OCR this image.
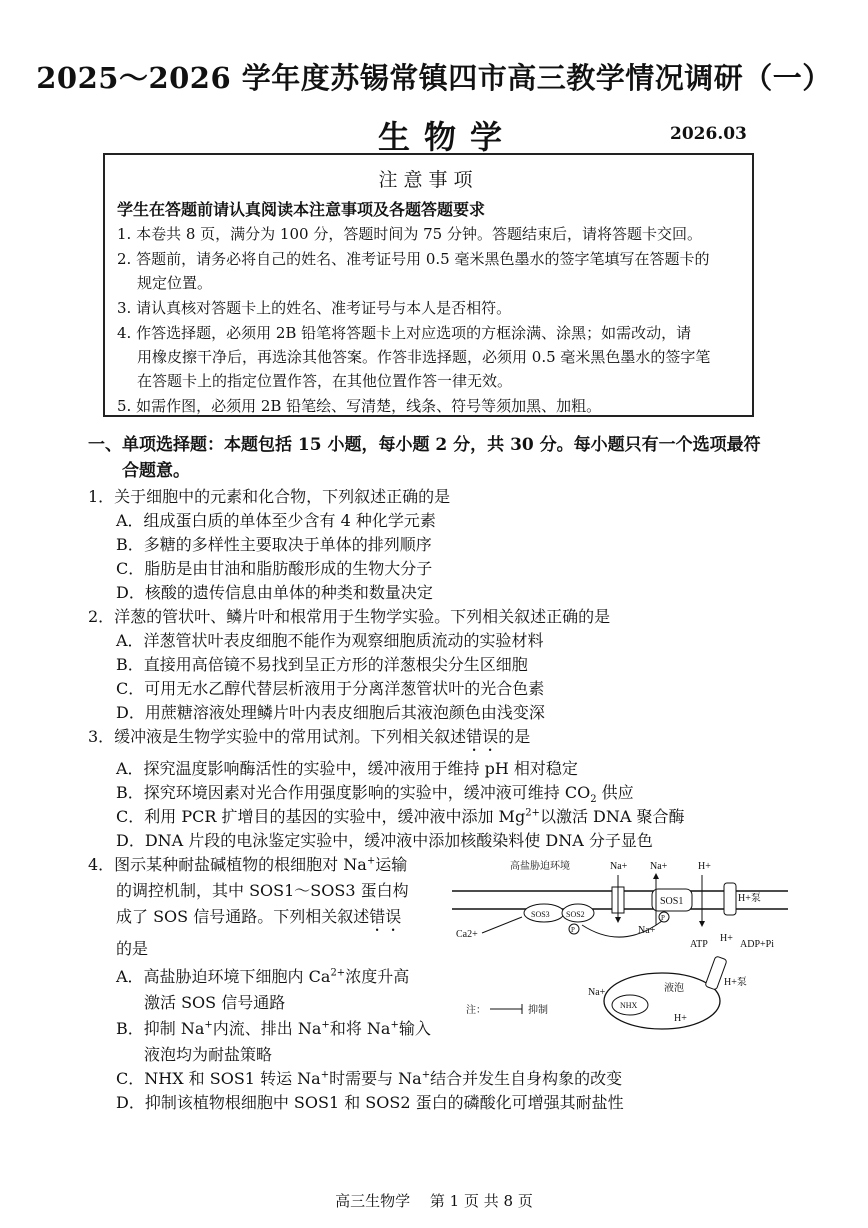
2025～2026 学年度苏锡常镇四市高三教学情况调研（一）
生物学	2026.03
注意事项
学生在答题前请认真阅读本注意事项及各题答题要求
1. 本卷共 8 页，满分为 100 分，答题时间为 75 分钟。答题结束后，请将答题卡交回。
2. 答题前，请务必将自己的姓名、准考证号用 0.5 毫米黑色墨水的签字笔填写在答题卡的
规定位置。
3. 请认真核对答题卡上的姓名、准考证号与本人是否相符。
4. 作答选择题，必须用 2B 铅笔将答题卡上对应选项的方框涂满、涂黑；如需改动，请
用橡皮擦干净后，再选涂其他答案。作答非选择题，必须用 0.5 毫米黑色墨水的签字笔
在答题卡上的指定位置作答，在其他位置作答一律无效。
5. 如需作图，必须用 2B 铅笔绘、写清楚，线条、符号等须加黑、加粗。
一、单项选择题：本题包括 15 小题，每小题 2 分，共 30 分。每小题只有一个选项最符
合题意。
1．关于细胞中的元素和化合物，下列叙述正确的是
A．组成蛋白质的单体至少含有 4 种化学元素
B．多糖的多样性主要取决于单体的排列顺序
C．脂肪是由甘油和脂肪酸形成的生物大分子
D．核酸的遗传信息由单体的种类和数量决定
2．洋葱的管状叶、鳞片叶和根常用于生物学实验。下列相关叙述正确的是
A．洋葱管状叶表皮细胞不能作为观察细胞质流动的实验材料
B．直接用高倍镜不易找到呈正方形的洋葱根尖分生区细胞
C．可用无水乙醇代替层析液用于分离洋葱管状叶的光合色素
D．用蔗糖溶液处理鳞片叶内表皮细胞后其液泡颜色由浅变深
3．缓冲液是生物学实验中的常用试剂。下列相关叙述错误的是
A．探究温度影响酶活性的实验中，缓冲液用于维持 pH 相对稳定
B．探究环境因素对光合作用强度影响的实验中，缓冲液可维持 $CO_2$ 供应
C．利用 PCR 扩增目的基因的实验中，缓冲液中添加 $Mg^{2+}$以激活 DNA 聚合酶
D．DNA 片段的电泳鉴定实验中，缓冲液中添加核酸染料使 DNA 分子显色
4．图示某种耐盐碱植物的根细胞对 Na+运输
的调控机制，其中 SOS1～SOS3 蛋白构
成了 SOS 信号通路。下列相关叙述错误
的是
A．高盐胁迫环境下细胞内 $Ca^{2+}$浓度升高
激活 SOS 信号通路
B．抑制 Na+内流、排出 Na+和将 Na+输入
液泡均为耐盐策略
C．NHX 和 SOS1 转运 Na+时需要与 Na+结合并发生自身构象的改变
D．抑制该植物根细胞中 SOS1 和 SOS2 蛋白的磷酸化可增强其耐盐性
高盐胁迫环境	Na+
SOS1
Na+	H+
P
Na+
SOS3 SOS2
P
Ca2+
H+泵
ATP
H+
ADP+Pi
液泡
NHX
Na+
H+
H+泵
注：	抑制
高三生物学　 第 1 页 共 8 页
